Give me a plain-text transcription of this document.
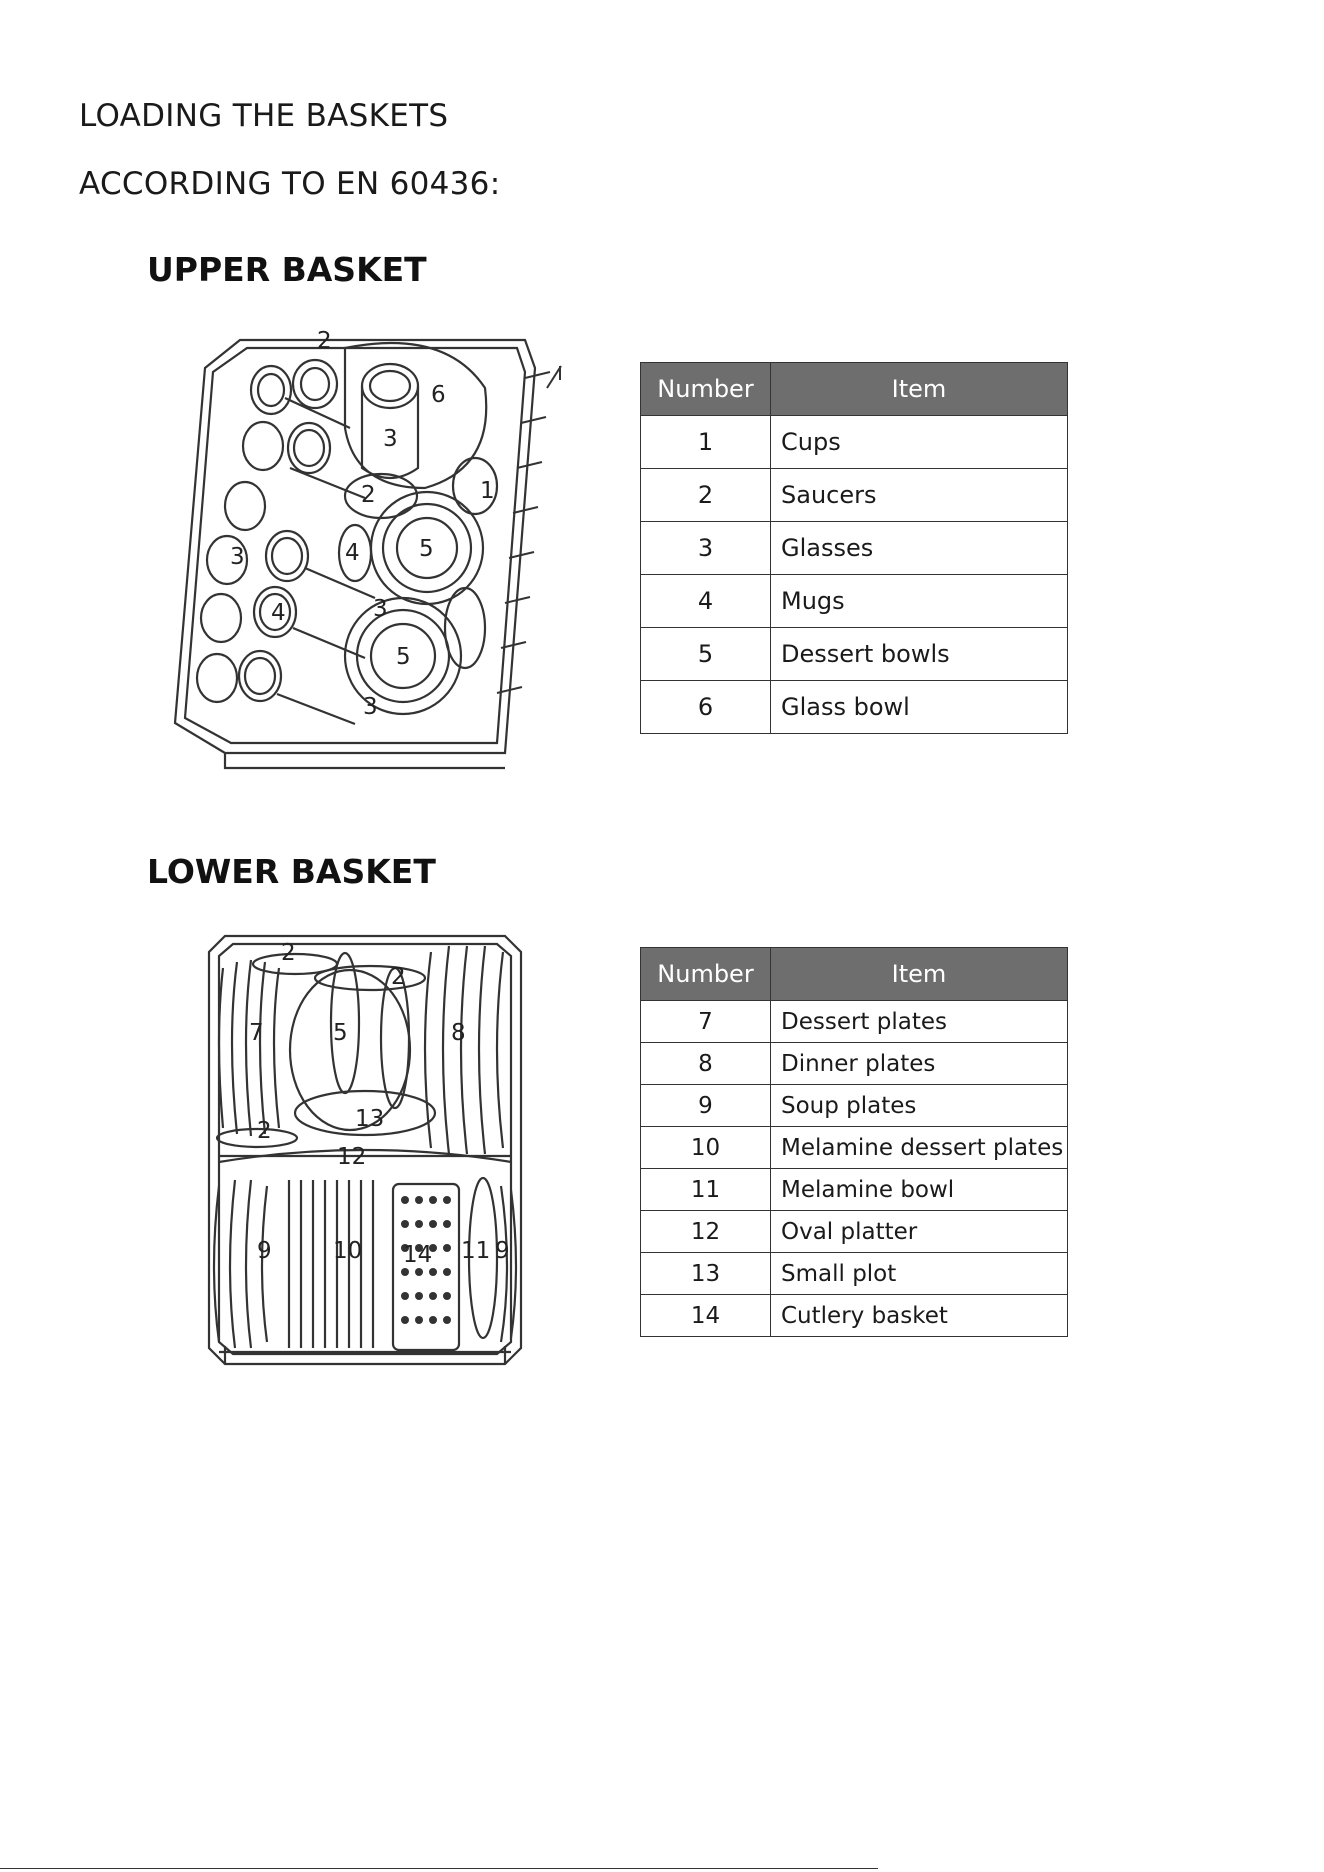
LOADING THE BASKETS
ACCORDING TO EN 60436:
UPPER BASKET
2
6
3
1
2
5
3	4
4	3
5
3
Number	Item
1	Cups
2	Saucers
3	Glasses
4	Mugs
5	Dessert bowls
6	Glass bowl
LOWER BASKET
2
2
7	5	8
2	13
12
9	10 14 11 9
Number	Item
7	Dessert plates
8	Dinner plates
9	Soup plates
10	Melamine dessert plates
11	Melamine bowl
12	Oval platter
13	Small plot
14	Cutlery basket
